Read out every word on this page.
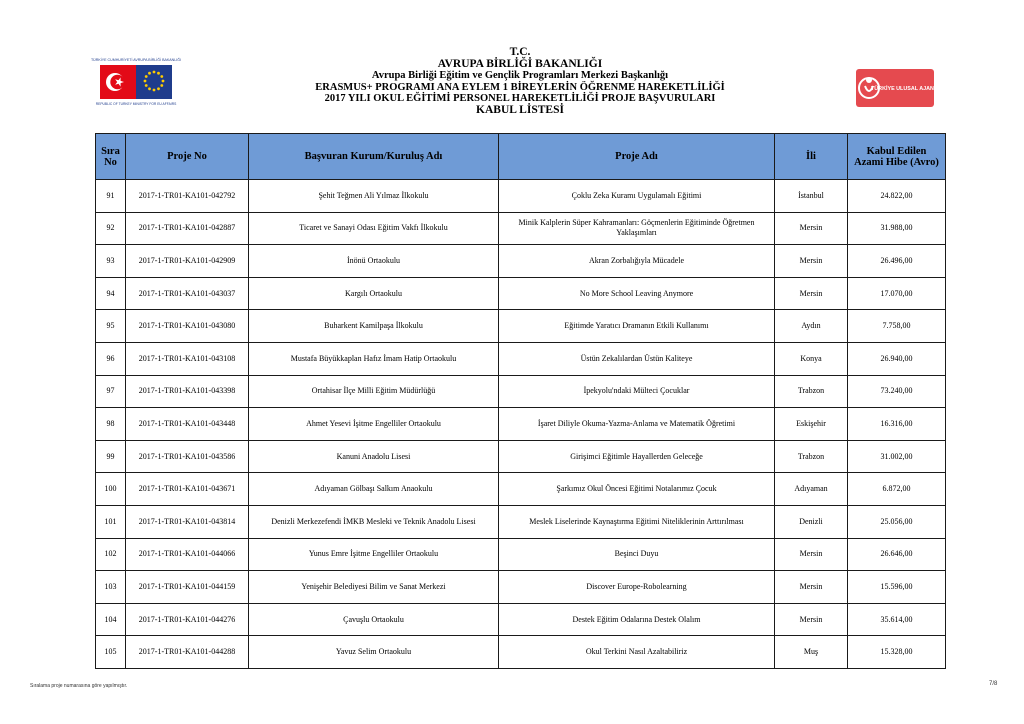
TÜRKİYE CUMHURİYETİ AVRUPA BİRLİĞİ BAKANLIĞI
REPUBLIC OF TURKEY MINISTRY FOR EU AFFAIRS
TÜRKİYE ULUSAL AJANSI
T.C.
AVRUPA BİRLİĞİ BAKANLIĞI
Avrupa Birliği Eğitim ve Gençlik Programları Merkezi Başkanlığı
ERASMUS+ PROGRAMI ANA EYLEM 1 BİREYLERİN ÖĞRENME HAREKETLİLİĞİ
2017 YILI OKUL EĞİTİMİ PERSONEL HAREKETLİLİĞİ PROJE BAŞVURULARI
KABUL LİSTESİ
Sıra No	Proje No	Başvuran Kurum/Kuruluş Adı	Proje Adı	İli	Kabul Edilen Azami Hibe (Avro)
91	2017-1-TR01-KA101-042792	Şehit Teğmen Ali Yılmaz İlkokulu	Çoklu Zeka Kuramı Uygulamalı Eğitimi	İstanbul	24.822,00
92	2017-1-TR01-KA101-042887	Ticaret ve Sanayi Odası Eğitim Vakfı İlkokulu	Minik Kalplerin Süper Kahramanları: Göçmenlerin Eğitiminde Öğretmen Yaklaşımları	Mersin	31.988,00
93	2017-1-TR01-KA101-042909	İnönü Ortaokulu	Akran Zorbalığıyla Mücadele	Mersin	26.496,00
94	2017-1-TR01-KA101-043037	Kargılı Ortaokulu	No More School Leaving Anymore	Mersin	17.070,00
95	2017-1-TR01-KA101-043080	Buharkent Kamilpaşa İlkokulu	Eğitimde Yaratıcı Dramanın Etkili Kullanımı	Aydın	7.758,00
96	2017-1-TR01-KA101-043108	Mustafa Büyükkaplan Hafız İmam Hatip Ortaokulu	Üstün Zekalılardan Üstün Kaliteye	Konya	26.940,00
97	2017-1-TR01-KA101-043398	Ortahisar İlçe Milli Eğitim Müdürlüğü	İpekyolu'ndaki Mülteci Çocuklar	Trabzon	73.240,00
98	2017-1-TR01-KA101-043448	Ahmet Yesevi İşitme Engelliler Ortaokulu	İşaret Diliyle Okuma-Yazma-Anlama ve Matematik Öğretimi	Eskişehir	16.316,00
99	2017-1-TR01-KA101-043586	Kanuni Anadolu Lisesi	Girişimci Eğitimle Hayallerden Geleceğe	Trabzon	31.002,00
100	2017-1-TR01-KA101-043671	Adıyaman Gölbaşı Salkım Anaokulu	Şarkımız Okul Öncesi Eğitimi Notalarımız Çocuk	Adıyaman	6.872,00
101	2017-1-TR01-KA101-043814	Denizli Merkezefendi İMKB Mesleki ve Teknik Anadolu Lisesi	Meslek Liselerinde Kaynaştırma Eğitimi Niteliklerinin Arttırılması	Denizli	25.056,00
102	2017-1-TR01-KA101-044066	Yunus Emre İşitme Engelliler Ortaokulu	Beşinci Duyu	Mersin	26.646,00
103	2017-1-TR01-KA101-044159	Yenişehir Belediyesi Bilim ve Sanat Merkezi	Discover Europe-Robolearning	Mersin	15.596,00
104	2017-1-TR01-KA101-044276	Çavuşlu Ortaokulu	Destek Eğitim Odalarına Destek Olalım	Mersin	35.614,00
105	2017-1-TR01-KA101-044288	Yavuz Selim Ortaokulu	Okul Terkini Nasıl Azaltabiliriz	Muş	15.328,00
Sıralama proje numarasına göre yapılmıştır.	7/8
